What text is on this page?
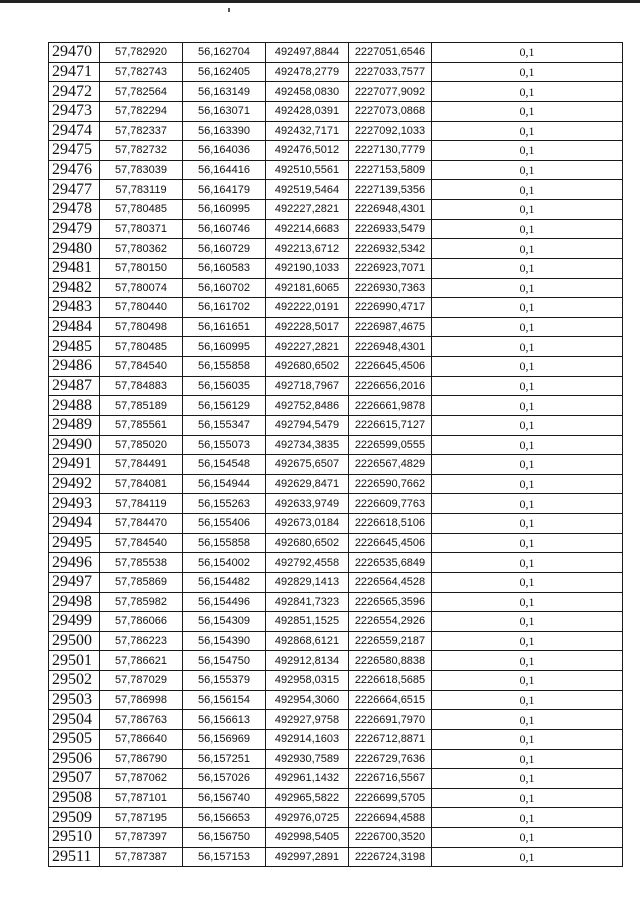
29470	57,782920	56,162704	492497,8844	2227051,6546	0,1
29471	57,782743	56,162405	492478,2779	2227033,7577	0,1
29472	57,782564	56,163149	492458,0830	2227077,9092	0,1
29473	57,782294	56,163071	492428,0391	2227073,0868	0,1
29474	57,782337	56,163390	492432,7171	2227092,1033	0,1
29475	57,782732	56,164036	492476,5012	2227130,7779	0,1
29476	57,783039	56,164416	492510,5561	2227153,5809	0,1
29477	57,783119	56,164179	492519,5464	2227139,5356	0,1
29478	57,780485	56,160995	492227,2821	2226948,4301	0,1
29479	57,780371	56,160746	492214,6683	2226933,5479	0,1
29480	57,780362	56,160729	492213,6712	2226932,5342	0,1
29481	57,780150	56,160583	492190,1033	2226923,7071	0,1
29482	57,780074	56,160702	492181,6065	2226930,7363	0,1
29483	57,780440	56,161702	492222,0191	2226990,4717	0,1
29484	57,780498	56,161651	492228,5017	2226987,4675	0,1
29485	57,780485	56,160995	492227,2821	2226948,4301	0,1
29486	57,784540	56,155858	492680,6502	2226645,4506	0,1
29487	57,784883	56,156035	492718,7967	2226656,2016	0,1
29488	57,785189	56,156129	492752,8486	2226661,9878	0,1
29489	57,785561	56,155347	492794,5479	2226615,7127	0,1
29490	57,785020	56,155073	492734,3835	2226599,0555	0,1
29491	57,784491	56,154548	492675,6507	2226567,4829	0,1
29492	57,784081	56,154944	492629,8471	2226590,7662	0,1
29493	57,784119	56,155263	492633,9749	2226609,7763	0,1
29494	57,784470	56,155406	492673,0184	2226618,5106	0,1
29495	57,784540	56,155858	492680,6502	2226645,4506	0,1
29496	57,785538	56,154002	492792,4558	2226535,6849	0,1
29497	57,785869	56,154482	492829,1413	2226564,4528	0,1
29498	57,785982	56,154496	492841,7323	2226565,3596	0,1
29499	57,786066	56,154309	492851,1525	2226554,2926	0,1
29500	57,786223	56,154390	492868,6121	2226559,2187	0,1
29501	57,786621	56,154750	492912,8134	2226580,8838	0,1
29502	57,787029	56,155379	492958,0315	2226618,5685	0,1
29503	57,786998	56,156154	492954,3060	2226664,6515	0,1
29504	57,786763	56,156613	492927,9758	2226691,7970	0,1
29505	57,786640	56,156969	492914,1603	2226712,8871	0,1
29506	57,786790	56,157251	492930,7589	2226729,7636	0,1
29507	57,787062	56,157026	492961,1432	2226716,5567	0,1
29508	57,787101	56,156740	492965,5822	2226699,5705	0,1
29509	57,787195	56,156653	492976,0725	2226694,4588	0,1
29510	57,787397	56,156750	492998,5405	2226700,3520	0,1
29511	57,787387	56,157153	492997,2891	2226724,3198	0,1
